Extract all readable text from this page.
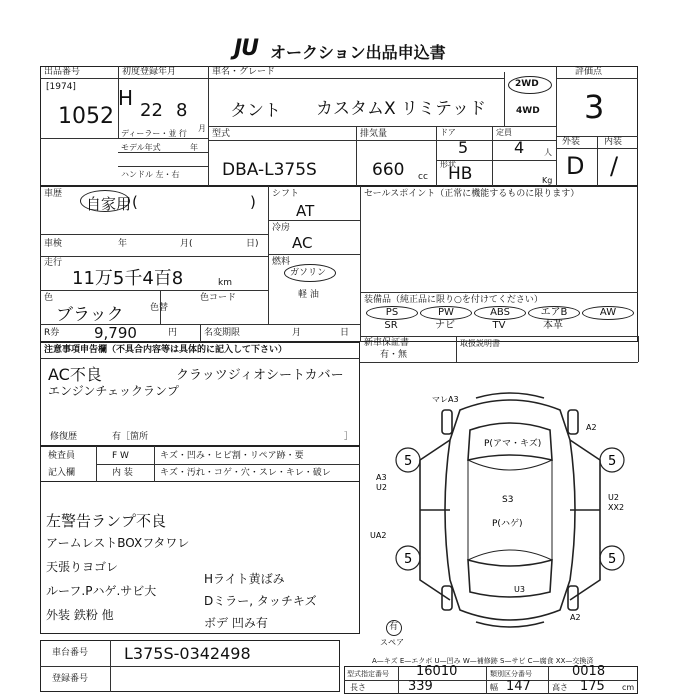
JU オークション出品申込書
出品番号
[1974]
1052
初度登録年月
H
22 8
月
車名・グレード
タント カスタムX リミテッド
ディーラー・並 行
モデル年式	年
ハンドル 左・右
型式
DBA-L375S
排気量
660 cc
ドア
5
定員
4 人
形状
HB	Kg
2WD
4WD
評価点
3
外装	内装
D /
車歴
自家用 (	) シフト
AT
冷房
AC
燃料
ガソリン
軽 油
車検	年	月(	日)
走行
11万5千4百8	km
色
ブラック	色替
色コード
R券 9,790	円	名変期限	月	日
セールスポイント（正常に機能するものに限ります）
装備品（純正品に限り○を付けてください）
PS	PW	ABS	エアB	AW
SR	ナビ	TV	本革
新車保証書
有・無
取扱説明書
注意事項申告欄（不具合内容等は具体的に記入して下さい）
AC不良	クラッツジィオシートカバー
エンジンチェックランプ
修復歴	有［箇所	］
検査員
記入欄
F W	キズ・凹み・ヒビ割・リペア跡・要
内 装	キズ・汚れ・コゲ・穴・スレ・キレ・破レ
左警告ランプ不良
アームレストBOXフタワレ
天張りヨゴレ
ルーフ.Pハゲ.サビ大
外装 鉄粉 他
Hライト黄ばみ
Dミラー, タッチキズ
ボデ 凹み有
5	5
5	5
マレA3
A2
P(アマ・キズ)
A3
U2
S3
P(ハゲ)
UA2
U2
XX2
A2
U3
有
スペア
車台番号 L375S-0342498
登録番号
A—キズ E—エクボ U—凹み W—補修跡 S—サビ C—腐食 XX—交換済
型式指定番号 16010	類別区分番号	0018
長さ	339	幅 147	高さ 175 cm
